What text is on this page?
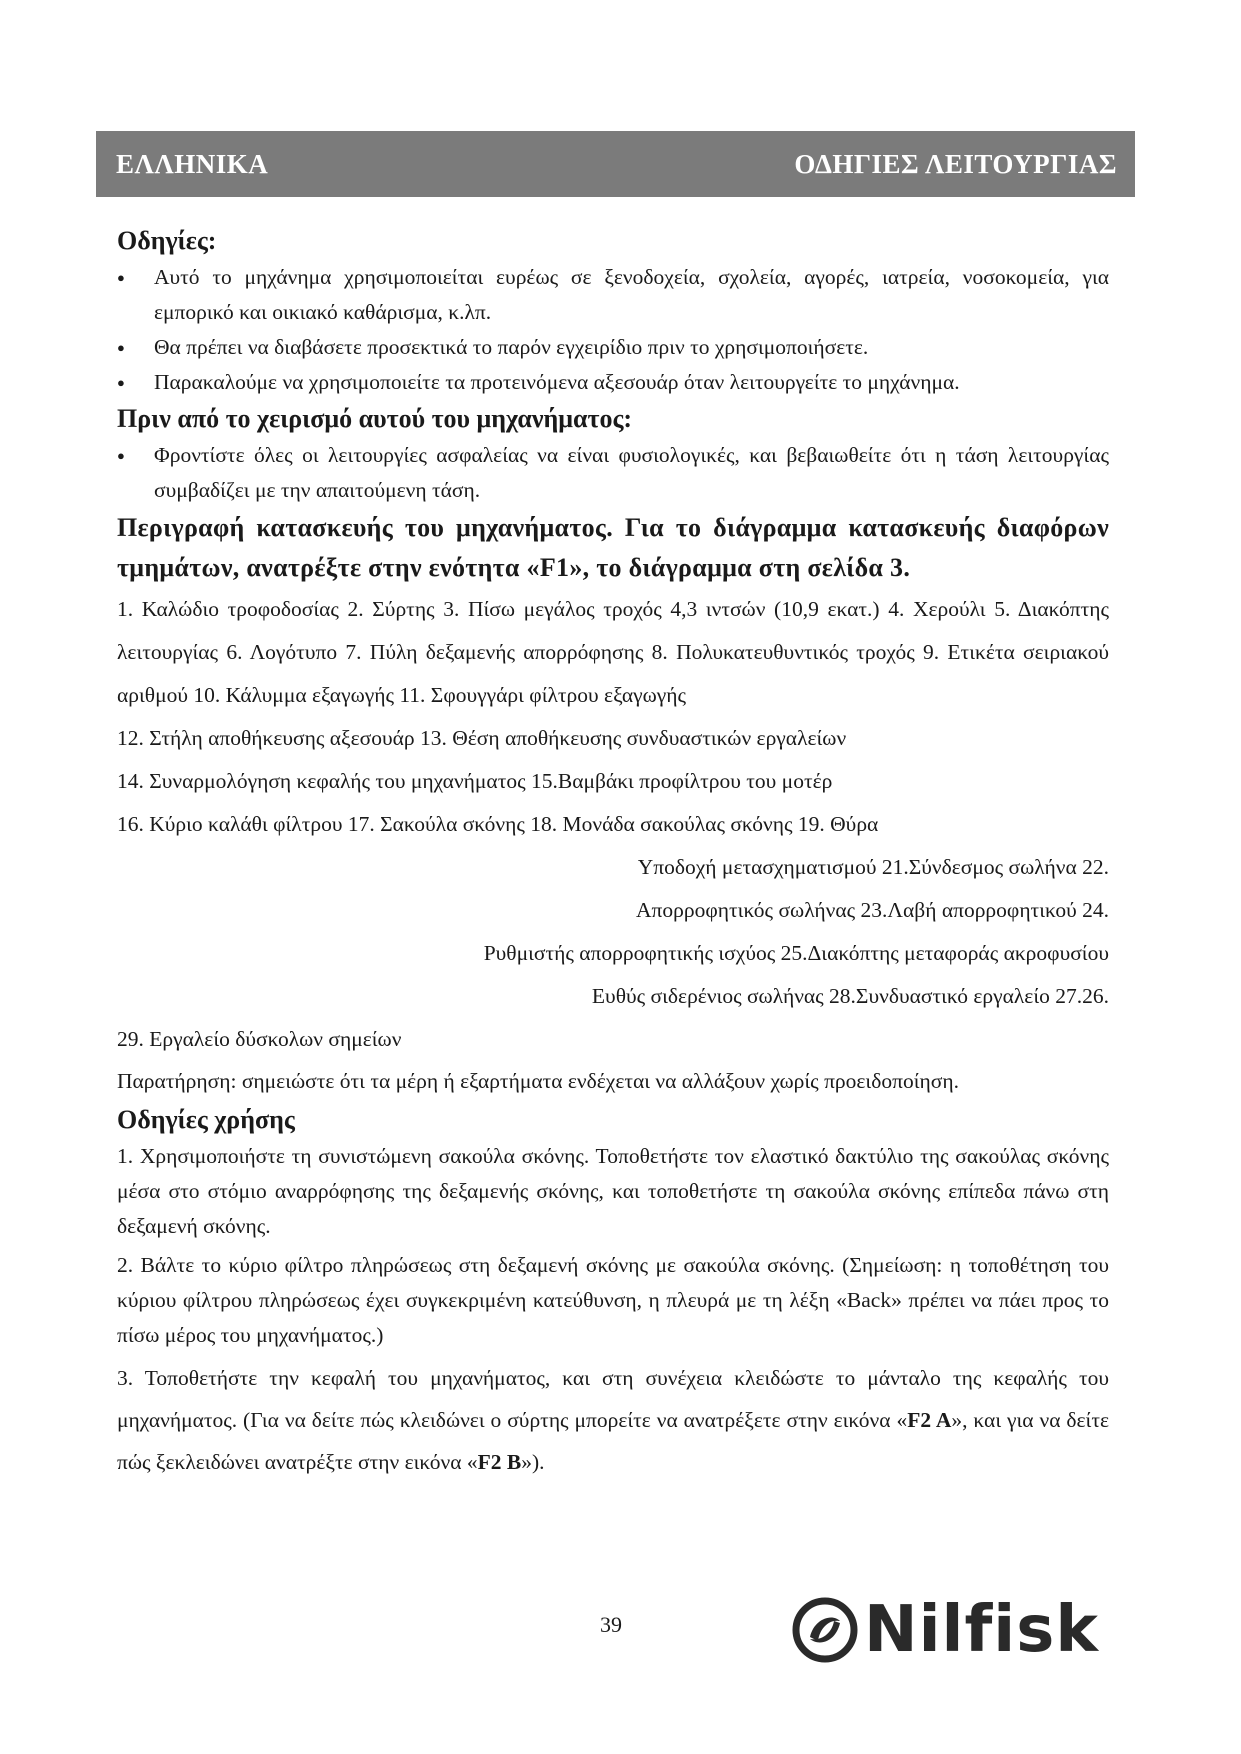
ΕΛΛΗΝΙΚΑ	ΟΔΗΓΙΕΣ ΛΕΙΤΟΥΡΓΙΑΣ
Οδηγίες:
● Αυτό το μηχάνημα χρησιμοποιείται ευρέως σε ξενοδοχεία, σχολεία, αγορές, ιατρεία, νοσοκομεία, για εμπορικό και οικιακό καθάρισμα, κ.λπ.
● Θα πρέπει να διαβάσετε προσεκτικά το παρόν εγχειρίδιο πριν το χρησιμοποιήσετε.
● Παρακαλούμε να χρησιμοποιείτε τα προτεινόμενα αξεσουάρ όταν λειτουργείτε το μηχάνημα.
Πριν από το χειρισμό αυτού του μηχανήματος:
● Φροντίστε όλες οι λειτουργίες ασφαλείας να είναι φυσιολογικές, και βεβαιωθείτε ότι η τάση λειτουργίας συμβαδίζει με την απαιτούμενη τάση.
Περιγραφή κατασκευής του μηχανήματος. Για το διάγραμμα κατασκευής διαφόρων τμημάτων, ανατρέξτε στην ενότητα «F1», το διάγραμμα στη σελίδα 3.

1. Καλώδιο τροφοδοσίας 2. Σύρτης 3. Πίσω μεγάλος τροχός 4,3 ιντσών (10,9 εκατ.) 4. Χερούλι 5. Διακόπτης λειτουργίας 6. Λογότυπο 7. Πύλη δεξαμενής απορρόφησης 8. Πολυκατευθυντικός τροχός 9. Ετικέτα σειριακού αριθμού 10. Κάλυμμα εξαγωγής 11. Σφουγγάρι φίλτρου εξαγωγής

12. Στήλη αποθήκευσης αξεσουάρ 13. Θέση αποθήκευσης συνδυαστικών εργαλείων

14. Συναρμολόγηση κεφαλής του μηχανήματος 15.Βαμβάκι προφίλτρου του μοτέρ

16. Κύριο καλάθι φίλτρου 17. Σακούλα σκόνης 18. Μονάδα σακούλας σκόνης 19. Θύρα

Υποδοχή μετασχηματισμού 21.Σύνδεσμος σωλήνα 22.

Απορροφητικός σωλήνας 23.Λαβή απορροφητικού 24.

Ρυθμιστής απορροφητικής ισχύος 25.Διακόπτης μεταφοράς ακροφυσίου

Ευθύς σιδερένιος σωλήνας 28.Συνδυαστικό εργαλείο 27.26.

29. Εργαλείο δύσκολων σημείων

Παρατήρηση: σημειώστε ότι τα μέρη ή εξαρτήματα ενδέχεται να αλλάξουν χωρίς προειδοποίηση.

Οδηγίες χρήσης

1. Χρησιμοποιήστε τη συνιστώμενη σακούλα σκόνης. Τοποθετήστε τον ελαστικό δακτύλιο της σακούλας σκόνης μέσα στο στόμιο αναρρόφησης της δεξαμενής σκόνης, και τοποθετήστε τη σακούλα σκόνης επίπεδα πάνω στη δεξαμενή σκόνης.

2. Βάλτε το κύριο φίλτρο πληρώσεως στη δεξαμενή σκόνης με σακούλα σκόνης. (Σημείωση: η τοποθέτηση του κύριου φίλτρου πληρώσεως έχει συγκεκριμένη κατεύθυνση, η πλευρά με τη λέξη «Back» πρέπει να πάει προς το πίσω μέρος του μηχανήματος.)

3. Τοποθετήστε την κεφαλή του μηχανήματος, και στη συνέχεια κλειδώστε το μάνταλο της κεφαλής του μηχανήματος. (Για να δείτε πώς κλειδώνει ο σύρτης μπορείτε να ανατρέξετε στην εικόνα «F2 A», και για να δείτε πώς ξεκλειδώνει ανατρέξτε στην εικόνα «F2 B»).

39	Nilfisk
